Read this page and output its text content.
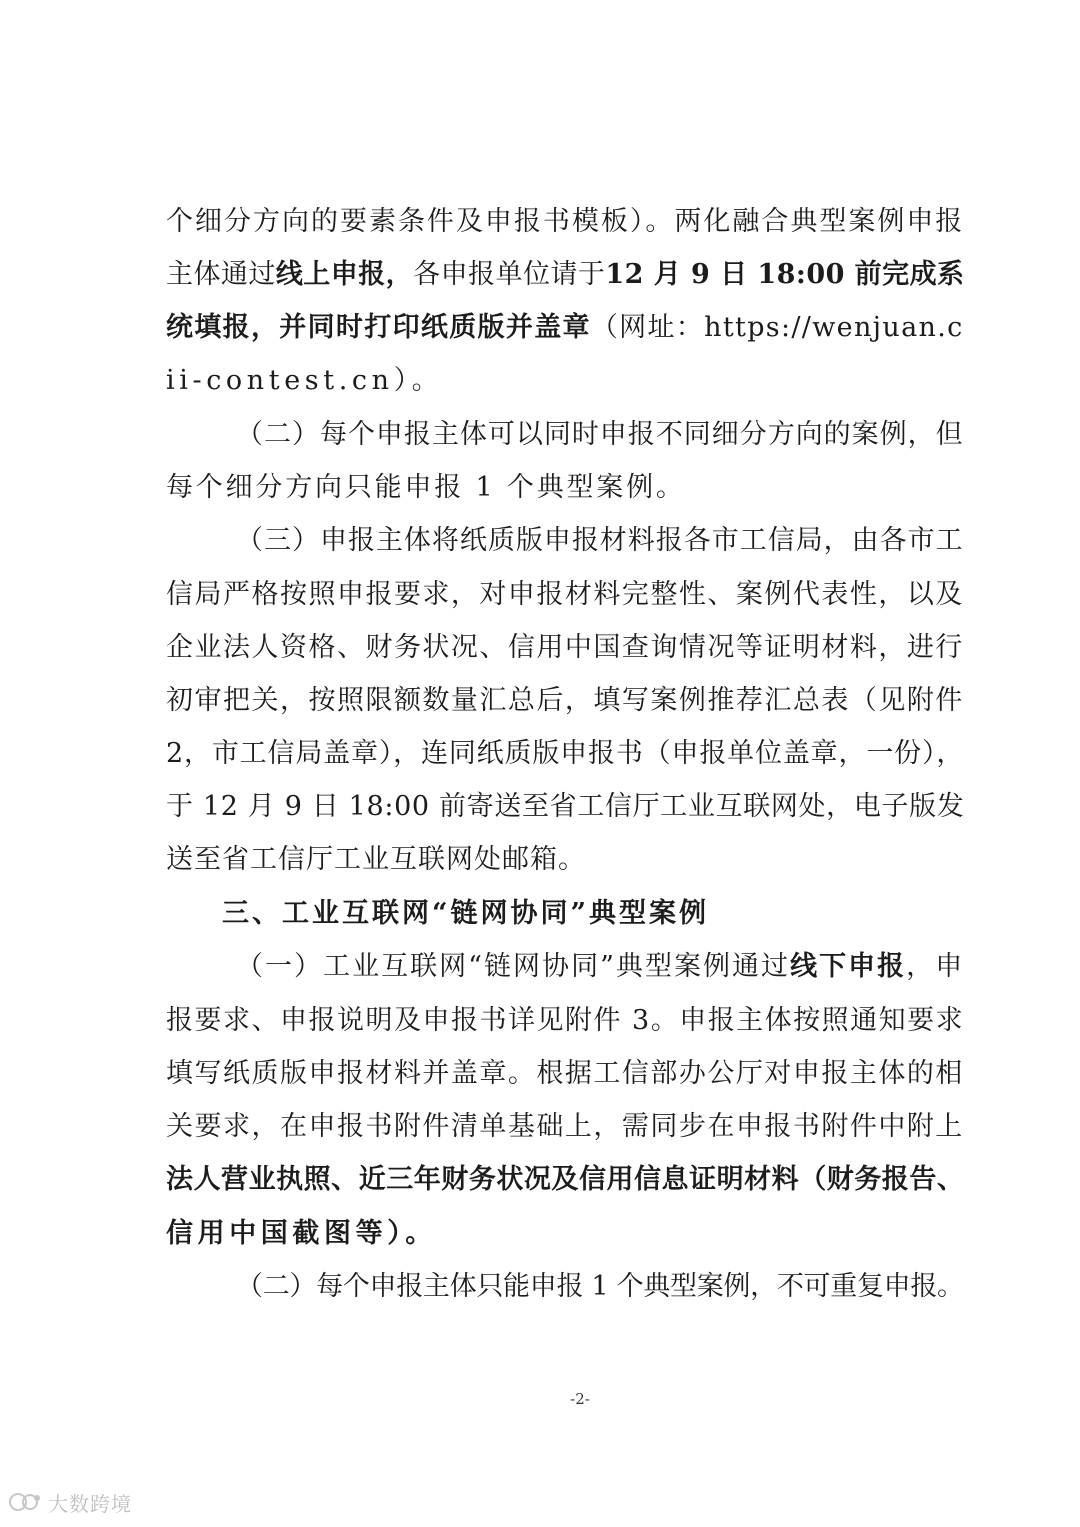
个细分方向的要素条件及申报书模板）。两化融合典型案例申报
主体通过线上申报，各申报单位请于12 月 9 日 18:00 前完成系
统填报，并同时打印纸质版并盖章（网址：https://wenjuan.c
ii-contest.cn）。
（二）每个申报主体可以同时申报不同细分方向的案例，但
每个细分方向只能申报 1 个典型案例。
（三）申报主体将纸质版申报材料报各市工信局，由各市工
信局严格按照申报要求，对申报材料完整性、案例代表性，以及
企业法人资格、财务状况、信用中国查询情况等证明材料，进行
初审把关，按照限额数量汇总后，填写案例推荐汇总表（见附件
2，市工信局盖章），连同纸质版申报书（申报单位盖章，一份），
于 12 月 9 日 18:00 前寄送至省工信厅工业互联网处，电子版发
送至省工信厅工业互联网处邮箱。
三、工业互联网“链网协同”典型案例
（一）工业互联网“链网协同”典型案例通过线下申报，申
报要求、申报说明及申报书详见附件 3。申报主体按照通知要求
填写纸质版申报材料并盖章。根据工信部办公厅对申报主体的相
关要求，在申报书附件清单基础上，需同步在申报书附件中附上
法人营业执照、近三年财务状况及信用信息证明材料（财务报告、
信用中国截图等）。
（二）每个申报主体只能申报 1 个典型案例，不可重复申报。
-2-
大数跨境
